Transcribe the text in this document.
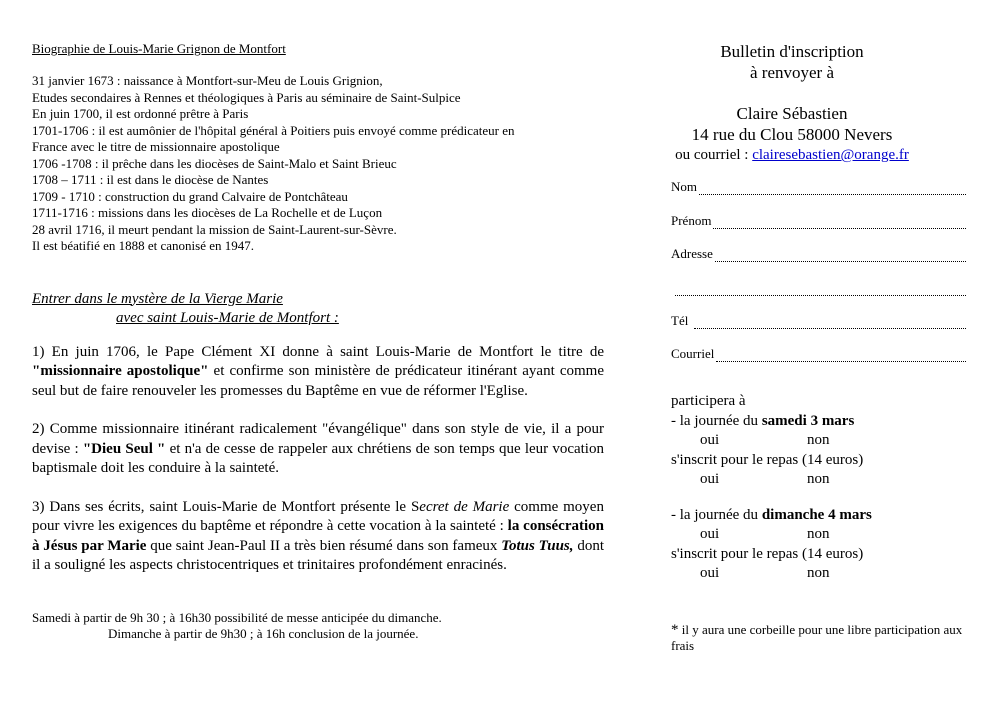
Biographie de Louis-Marie Grignon de Montfort
31 janvier 1673 : naissance à Montfort-sur-Meu de Louis Grignion,
Etudes secondaires à Rennes et théologiques à Paris au séminaire de Saint-Sulpice
En juin 1700, il est ordonné prêtre à Paris
1701-1706 : il est aumônier de l'hôpital général à Poitiers puis envoyé comme prédicateur en
France avec le titre de missionnaire apostolique
1706 -1708 : il prêche dans les diocèses de Saint-Malo et Saint Brieuc
1708 – 1711 : il est dans le diocèse de Nantes
1709 - 1710 : construction du grand Calvaire de Pontchâteau
1711-1716 : missions dans les diocèses de La Rochelle et de Luçon
28 avril 1716, il meurt pendant la mission de Saint-Laurent-sur-Sèvre.
Il est béatifié en 1888 et canonisé en 1947.
Entrer dans le mystère de la Vierge Marie
avec saint Louis-Marie de Montfort :

1) En juin 1706, le Pape Clément XI donne à saint Louis-Marie de Montfort le titre de "missionnaire apostolique" et confirme son ministère de prédicateur itinérant ayant comme seul but de faire renouveler les promesses du Baptême en vue de réformer l'Eglise.

2) Comme missionnaire itinérant radicalement "évangélique" dans son style de vie, il a pour devise : "Dieu Seul " et n'a de cesse de rappeler aux chrétiens de son temps que leur vocation baptismale doit les conduire à la sainteté.

3) Dans ses écrits, saint Louis-Marie de Montfort présente le Secret de Marie comme moyen pour vivre les exigences du baptême et répondre à cette vocation à la sainteté : la consécration à Jésus par Marie que saint Jean-Paul II a très bien résumé dans son fameux Totus Tuus, dont il a souligné les aspects christocentriques et trinitaires profondément enracinés.

Samedi à partir de 9h 30 ; à 16h30 possibilité de messe anticipée du dimanche.
Dimanche à partir de 9h30 ; à 16h conclusion de la journée.
Bulletin d'inscription
à renvoyer à
Claire Sébastien
14 rue du Clou 58000 Nevers
ou courriel : clairesebastien@orange.fr
Nom
Prénom
Adresse
Tél
Courriel
participera à
- la journée du samedi 3 mars
oui	non
s'inscrit pour le repas (14 euros)
oui	non
- la journée du dimanche 4 mars
oui	non
s'inscrit pour le repas (14 euros)
oui	non
* il y aura une corbeille pour une libre participation aux frais
